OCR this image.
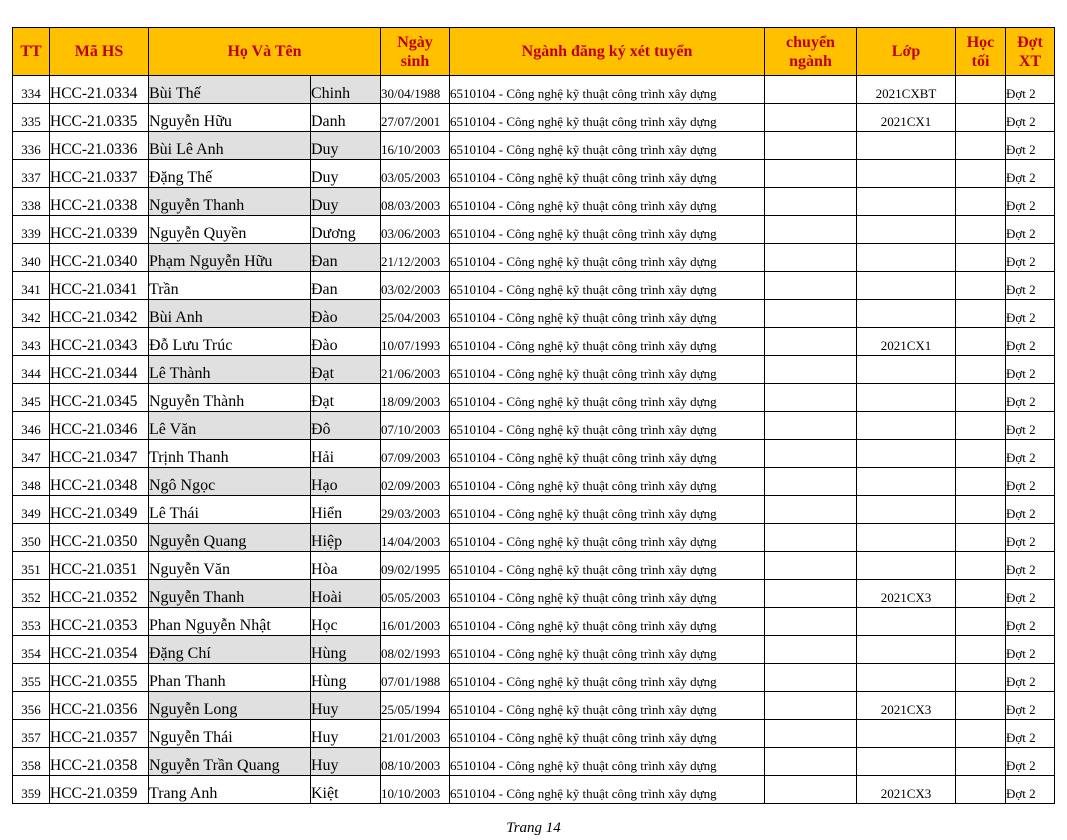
TT	Mã HS	Họ Và Tên		Ngày sinh	Ngành đăng ký xét tuyển	chuyển ngành	Lớp	Học tối	Đợt XT
334	HCC-21.0334	Bùi Thế	Chinh	30/04/1988	6510104 - Công nghệ kỹ thuật công trình xây dựng		2021CXBT		Đợt 2
335	HCC-21.0335	Nguyễn Hữu	Danh	27/07/2001	6510104 - Công nghệ kỹ thuật công trình xây dựng		2021CX1		Đợt 2
336	HCC-21.0336	Bùi Lê Anh	Duy	16/10/2003	6510104 - Công nghệ kỹ thuật công trình xây dựng				Đợt 2
337	HCC-21.0337	Đặng Thế	Duy	03/05/2003	6510104 - Công nghệ kỹ thuật công trình xây dựng				Đợt 2
338	HCC-21.0338	Nguyễn Thanh	Duy	08/03/2003	6510104 - Công nghệ kỹ thuật công trình xây dựng				Đợt 2
339	HCC-21.0339	Nguyễn Quyền	Dương	03/06/2003	6510104 - Công nghệ kỹ thuật công trình xây dựng				Đợt 2
340	HCC-21.0340	Phạm Nguyễn Hữu	Đan	21/12/2003	6510104 - Công nghệ kỹ thuật công trình xây dựng				Đợt 2
341	HCC-21.0341	Trần	Đan	03/02/2003	6510104 - Công nghệ kỹ thuật công trình xây dựng				Đợt 2
342	HCC-21.0342	Bùi Anh	Đào	25/04/2003	6510104 - Công nghệ kỹ thuật công trình xây dựng				Đợt 2
343	HCC-21.0343	Đỗ Lưu Trúc	Đào	10/07/1993	6510104 - Công nghệ kỹ thuật công trình xây dựng		2021CX1		Đợt 2
344	HCC-21.0344	Lê Thành	Đạt	21/06/2003	6510104 - Công nghệ kỹ thuật công trình xây dựng				Đợt 2
345	HCC-21.0345	Nguyễn Thành	Đạt	18/09/2003	6510104 - Công nghệ kỹ thuật công trình xây dựng				Đợt 2
346	HCC-21.0346	Lê Văn	Đô	07/10/2003	6510104 - Công nghệ kỹ thuật công trình xây dựng				Đợt 2
347	HCC-21.0347	Trịnh Thanh	Hải	07/09/2003	6510104 - Công nghệ kỹ thuật công trình xây dựng				Đợt 2
348	HCC-21.0348	Ngô Ngọc	Hạo	02/09/2003	6510104 - Công nghệ kỹ thuật công trình xây dựng				Đợt 2
349	HCC-21.0349	Lê Thái	Hiển	29/03/2003	6510104 - Công nghệ kỹ thuật công trình xây dựng				Đợt 2
350	HCC-21.0350	Nguyễn Quang	Hiệp	14/04/2003	6510104 - Công nghệ kỹ thuật công trình xây dựng				Đợt 2
351	HCC-21.0351	Nguyễn Văn	Hòa	09/02/1995	6510104 - Công nghệ kỹ thuật công trình xây dựng				Đợt 2
352	HCC-21.0352	Nguyễn Thanh	Hoài	05/05/2003	6510104 - Công nghệ kỹ thuật công trình xây dựng		2021CX3		Đợt 2
353	HCC-21.0353	Phan Nguyễn Nhật	Học	16/01/2003	6510104 - Công nghệ kỹ thuật công trình xây dựng				Đợt 2
354	HCC-21.0354	Đặng Chí	Hùng	08/02/1993	6510104 - Công nghệ kỹ thuật công trình xây dựng				Đợt 2
355	HCC-21.0355	Phan Thanh	Hùng	07/01/1988	6510104 - Công nghệ kỹ thuật công trình xây dựng				Đợt 2
356	HCC-21.0356	Nguyễn Long	Huy	25/05/1994	6510104 - Công nghệ kỹ thuật công trình xây dựng		2021CX3		Đợt 2
357	HCC-21.0357	Nguyễn Thái	Huy	21/01/2003	6510104 - Công nghệ kỹ thuật công trình xây dựng				Đợt 2
358	HCC-21.0358	Nguyễn Trần Quang	Huy	08/10/2003	6510104 - Công nghệ kỹ thuật công trình xây dựng				Đợt 2
359	HCC-21.0359	Trang Anh	Kiệt	10/10/2003	6510104 - Công nghệ kỹ thuật công trình xây dựng		2021CX3		Đợt 2
Trang 14
